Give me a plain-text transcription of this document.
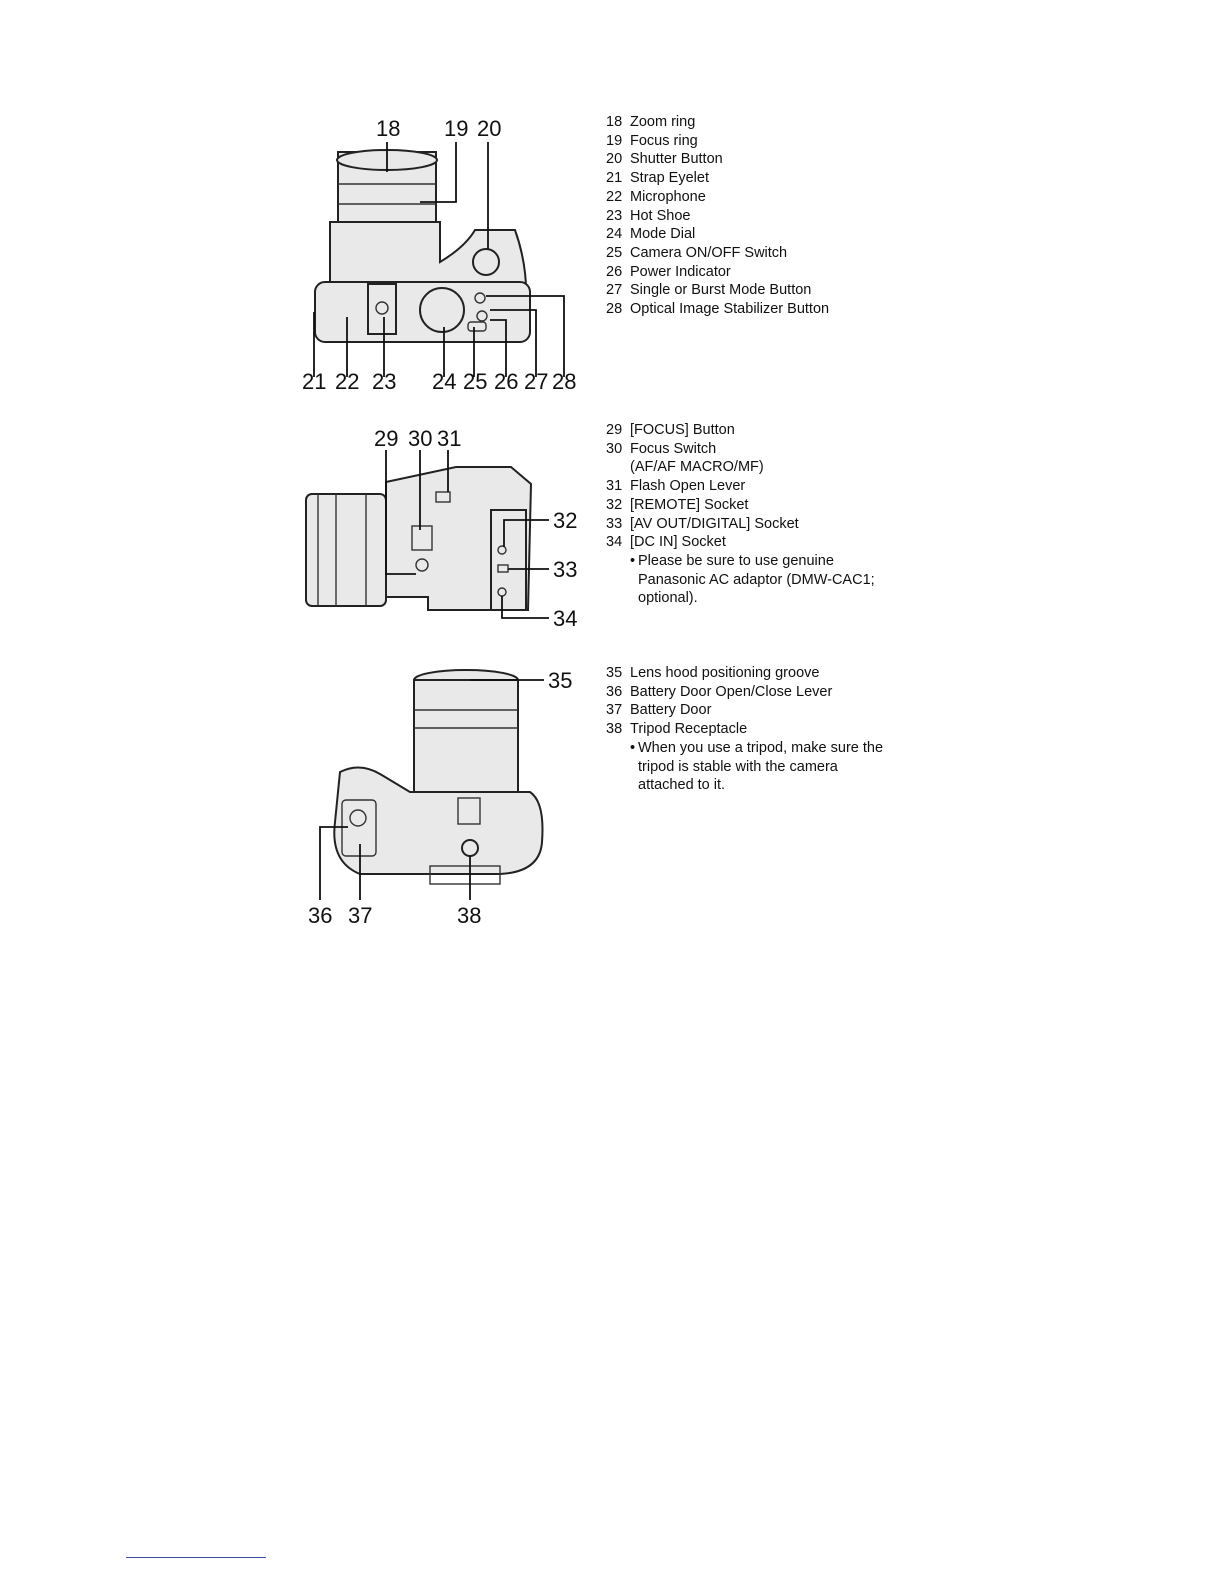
18 19 20
21 22 23 24 25 26 27 28
18 Zoom ring
19 Focus ring
20 Shutter Button
21 Strap Eyelet
22 Microphone
23 Hot Shoe
24 Mode Dial
25 Camera ON/OFF Switch
26 Power Indicator
27 Single or Burst Mode Button
28 Optical Image Stabilizer Button
29 30 31
32
33
34
29 [FOCUS] Button
30 Focus Switch
(AF/AF MACRO/MF)
31 Flash Open Lever
32 [REMOTE] Socket
33 [AV OUT/DIGITAL] Socket
34 [DC IN] Socket
• Please be sure to use genuine
Panasonic AC adaptor (DMW-CAC1;
optional).
35
36 37	38
35 Lens hood positioning groove
36 Battery Door Open/Close Lever
37 Battery Door
38 Tripod Receptacle
• When you use a tripod, make sure the
tripod is stable with the camera
attached to it.
